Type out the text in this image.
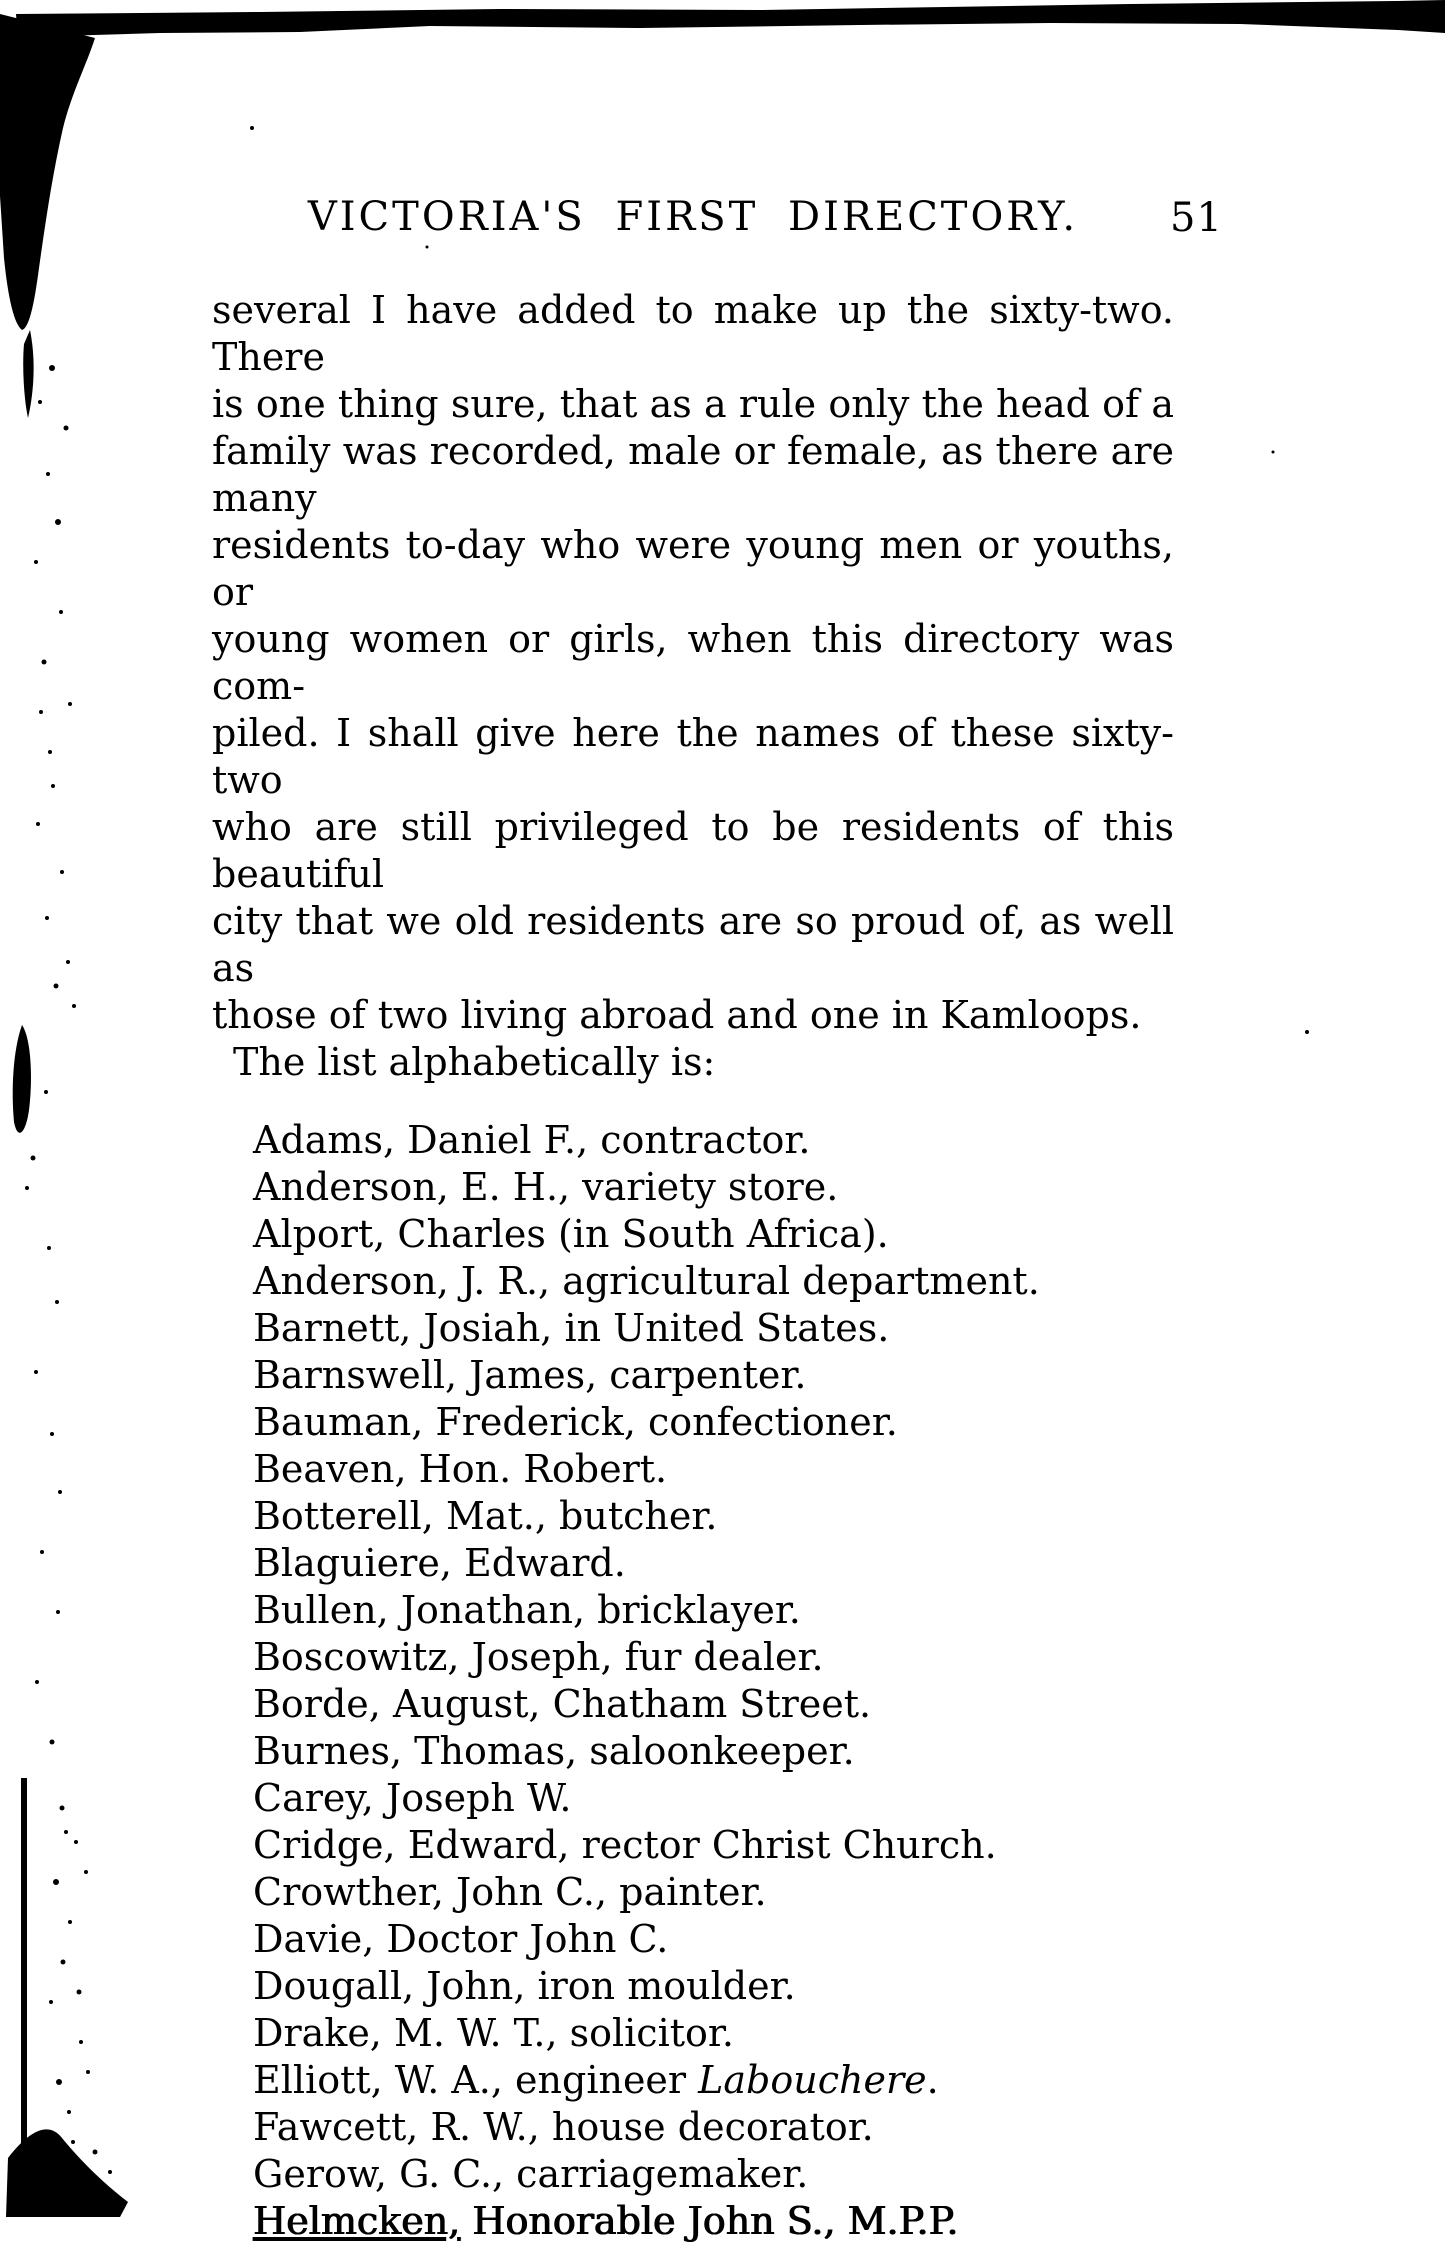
VICTORIA'S FIRST DIRECTORY.	51
several I have added to make up the sixty-two. There
is one thing sure, that as a rule only the head of a
family was recorded, male or female, as there are many
residents to-day who were young men or youths, or
young women or girls, when this directory was com-
piled. I shall give here the names of these sixty-two
who are still privileged to be residents of this beautiful
city that we old residents are so proud of, as well as
those of two living abroad and one in Kamloops.
The list alphabetically is:
Adams, Daniel F., contractor.
Anderson, E. H., variety store.
Alport, Charles (in South Africa).
Anderson, J. R., agricultural department.
Barnett, Josiah, in United States.
Barnswell, James, carpenter.
Bauman, Frederick, confectioner.
Beaven, Hon. Robert.
Botterell, Mat., butcher.
Blaguiere, Edward.
Bullen, Jonathan, bricklayer.
Boscowitz, Joseph, fur dealer.
Borde, August, Chatham Street.
Burnes, Thomas, saloonkeeper.
Carey, Joseph W.
Cridge, Edward, rector Christ Church.
Crowther, John C., painter.
Davie, Doctor John C.
Dougall, John, iron moulder.
Drake, M. W. T., solicitor.
Elliott, W. A., engineer Labouchere.
Fawcett, R. W., house decorator.
Gerow, G. C., carriagemaker.
Helmcken, Honorable John S., M.P.P.
